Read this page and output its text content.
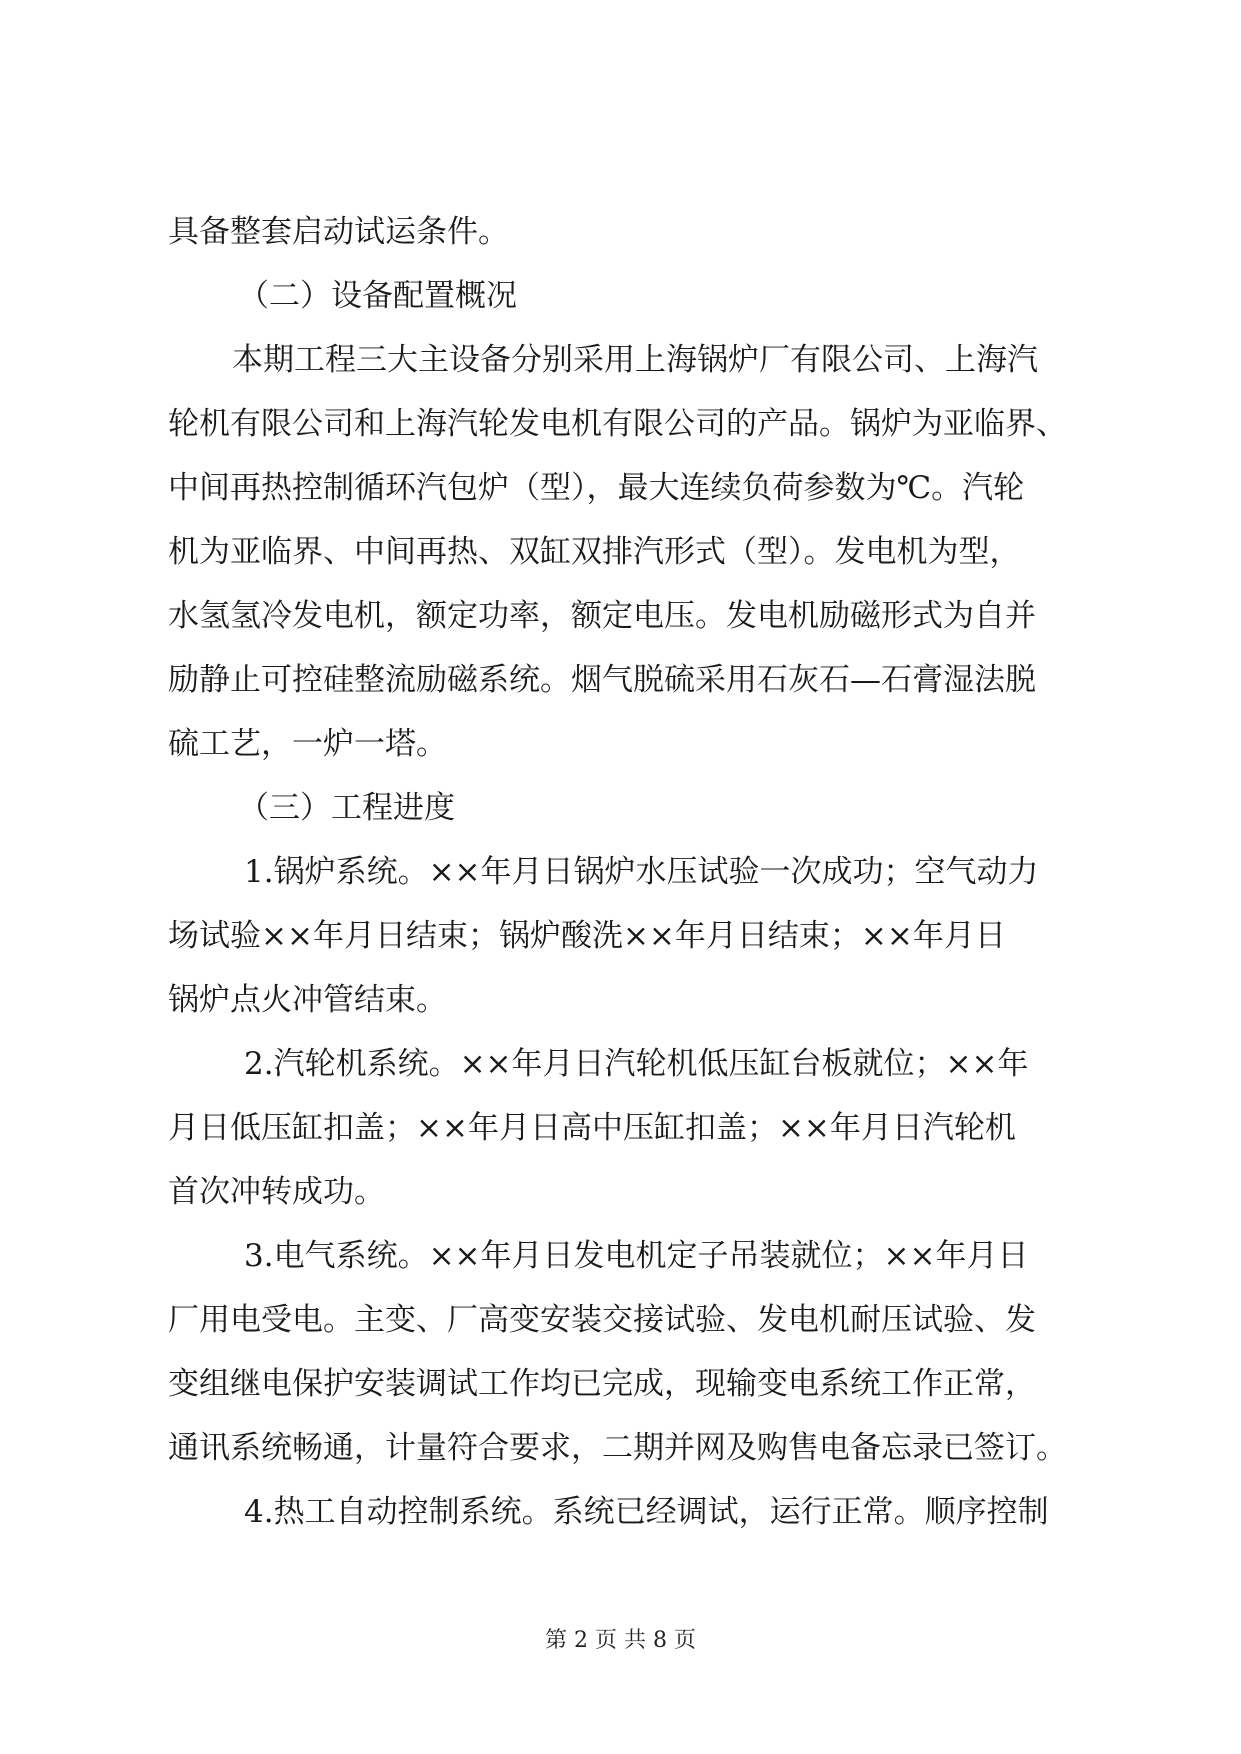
具备整套启动试运条件。
（二）设备配置概况
本期工程三大主设备分别采用上海锅炉厂有限公司、上海汽
轮机有限公司和上海汽轮发电机有限公司的产品。锅炉为亚临界、
中间再热控制循环汽包炉（型），最大连续负荷参数为℃。汽轮
机为亚临界、中间再热、双缸双排汽形式（型）。发电机为型，
水氢氢冷发电机，额定功率，额定电压。发电机励磁形式为自并
励静止可控硅整流励磁系统。烟气脱硫采用石灰石—石膏湿法脱
硫工艺，一炉一塔。
（三）工程进度
1.锅炉系统。××年月日锅炉水压试验一次成功；空气动力
场试验××年月日结束；锅炉酸洗××年月日结束；××年月日
锅炉点火冲管结束。
2.汽轮机系统。××年月日汽轮机低压缸台板就位；××年
月日低压缸扣盖；××年月日高中压缸扣盖；××年月日汽轮机
首次冲转成功。
3.电气系统。××年月日发电机定子吊装就位；××年月日
厂用电受电。主变、厂高变安装交接试验、发电机耐压试验、发
变组继电保护安装调试工作均已完成，现输变电系统工作正常，
通讯系统畅通，计量符合要求，二期并网及购售电备忘录已签订。
4.热工自动控制系统。系统已经调试，运行正常。顺序控制
第 2 页 共 8 页
